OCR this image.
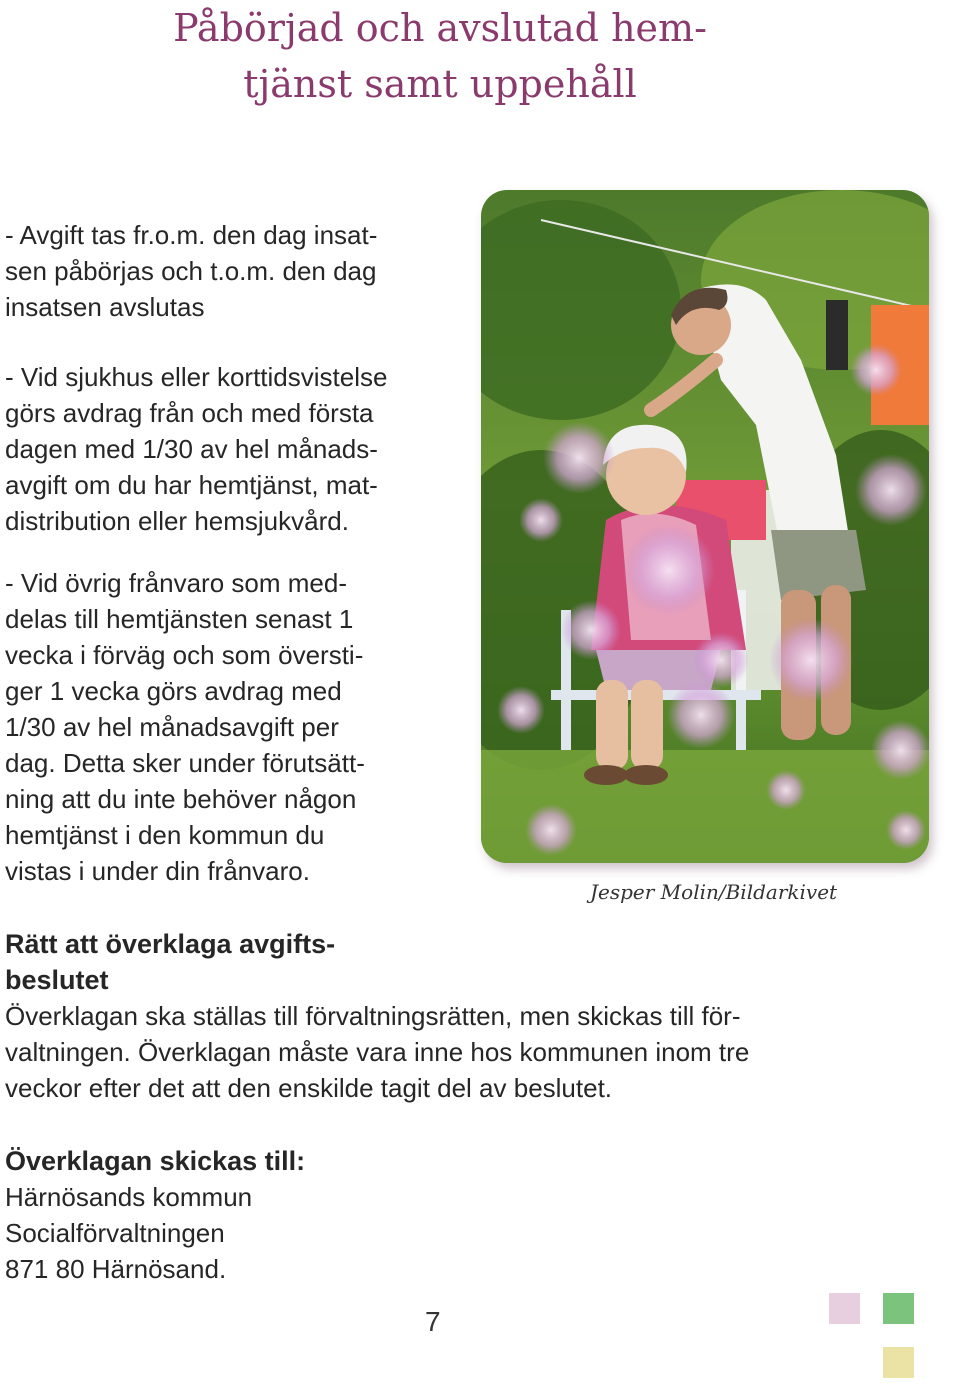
Påbörjad och avslutad hem-
tjänst samt uppehåll

- Avgift tas fr.o.m. den dag insat-
sen påbörjas och t.o.m. den dag
insatsen avslutas

- Vid sjukhus eller korttidsvistelse
görs avdrag från och med första
dagen med 1/30 av hel månads-
avgift om du har hemtjänst, mat-
distribution eller hemsjukvård.

- Vid övrig frånvaro som med-
delas till hemtjänsten senast 1
vecka i förväg och som översti-
ger 1 vecka görs avdrag med
1/30 av hel månadsavgift per
dag. Detta sker under förutsätt-
ning att du inte behöver någon
hemtjänst i den kommun du
vistas i under din frånvaro.

Jesper Molin/Bildarkivet
Rätt att överklaga avgifts-
beslutet

Överklagan ska ställas till förvaltningsrätten, men skickas till för-
valtningen. Överklagan måste vara inne hos kommunen inom tre
veckor efter det att den enskilde tagit del av beslutet.

Överklagan skickas till:
Härnösands kommun
Socialförvaltningen
871 80 Härnösand.
7
